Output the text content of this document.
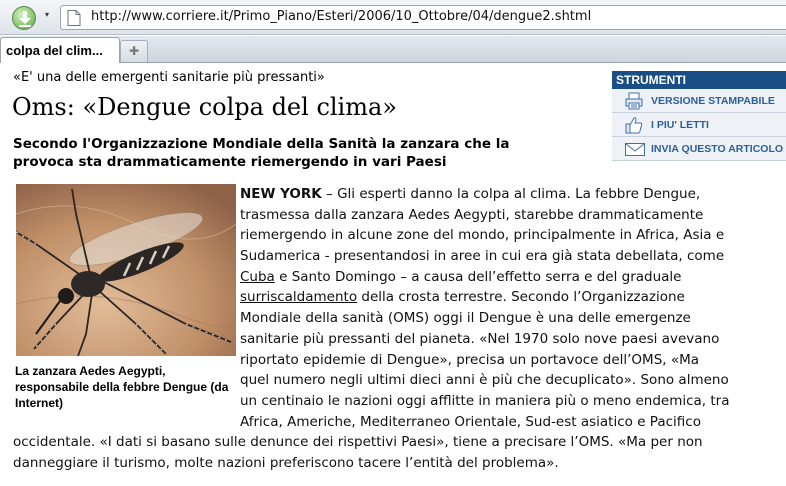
▾	http://www.corriere.it/Primo_Piano/Esteri/2006/10_Ottobre/04/dengue2.shtml
colpa del clim...	✚
«E' una delle emergenti sanitarie più pressanti»
Oms: «Dengue colpa del clima»
Secondo l'Organizzazione Mondiale della Sanità la zanzara che la provoca sta drammaticamente riemergendo in vari Paesi
STRUMENTI
VERSIONE STAMPABILE
I PIU' LETTI
INVIA QUESTO ARTICOLO
La zanzara Aedes Aegypti, responsabile della febbre Dengue (da Internet)
NEW YORK – Gli esperti danno la colpa al clima. La febbre Dengue,
trasmessa dalla zanzara Aedes Aegypti, starebbe drammaticamente
riemergendo in alcune zone del mondo, principalmente in Africa, Asia e
Sudamerica - presentandosi in aree in cui era già stata debellata, come
Cuba e Santo Domingo – a causa dell’effetto serra e del graduale
surriscaldamento della crosta terrestre. Secondo l’Organizzazione
Mondiale della sanità (OMS) oggi il Dengue è una delle emergenze
sanitarie più pressanti del pianeta. «Nel 1970 solo nove paesi avevano
riportato epidemie di Dengue», precisa un portavoce dell’OMS, «Ma
quel numero negli ultimi dieci anni è più che decuplicato». Sono almeno
un centinaio le nazioni oggi afflitte in maniera più o meno endemica, tra
Africa, Americhe, Mediterraneo Orientale, Sud-est asiatico e Pacifico
occidentale. «I dati si basano sulle denunce dei rispettivi Paesi», tiene a precisare l’OMS. «Ma per non
danneggiare il turismo, molte nazioni preferiscono tacere l’entità del problema».
